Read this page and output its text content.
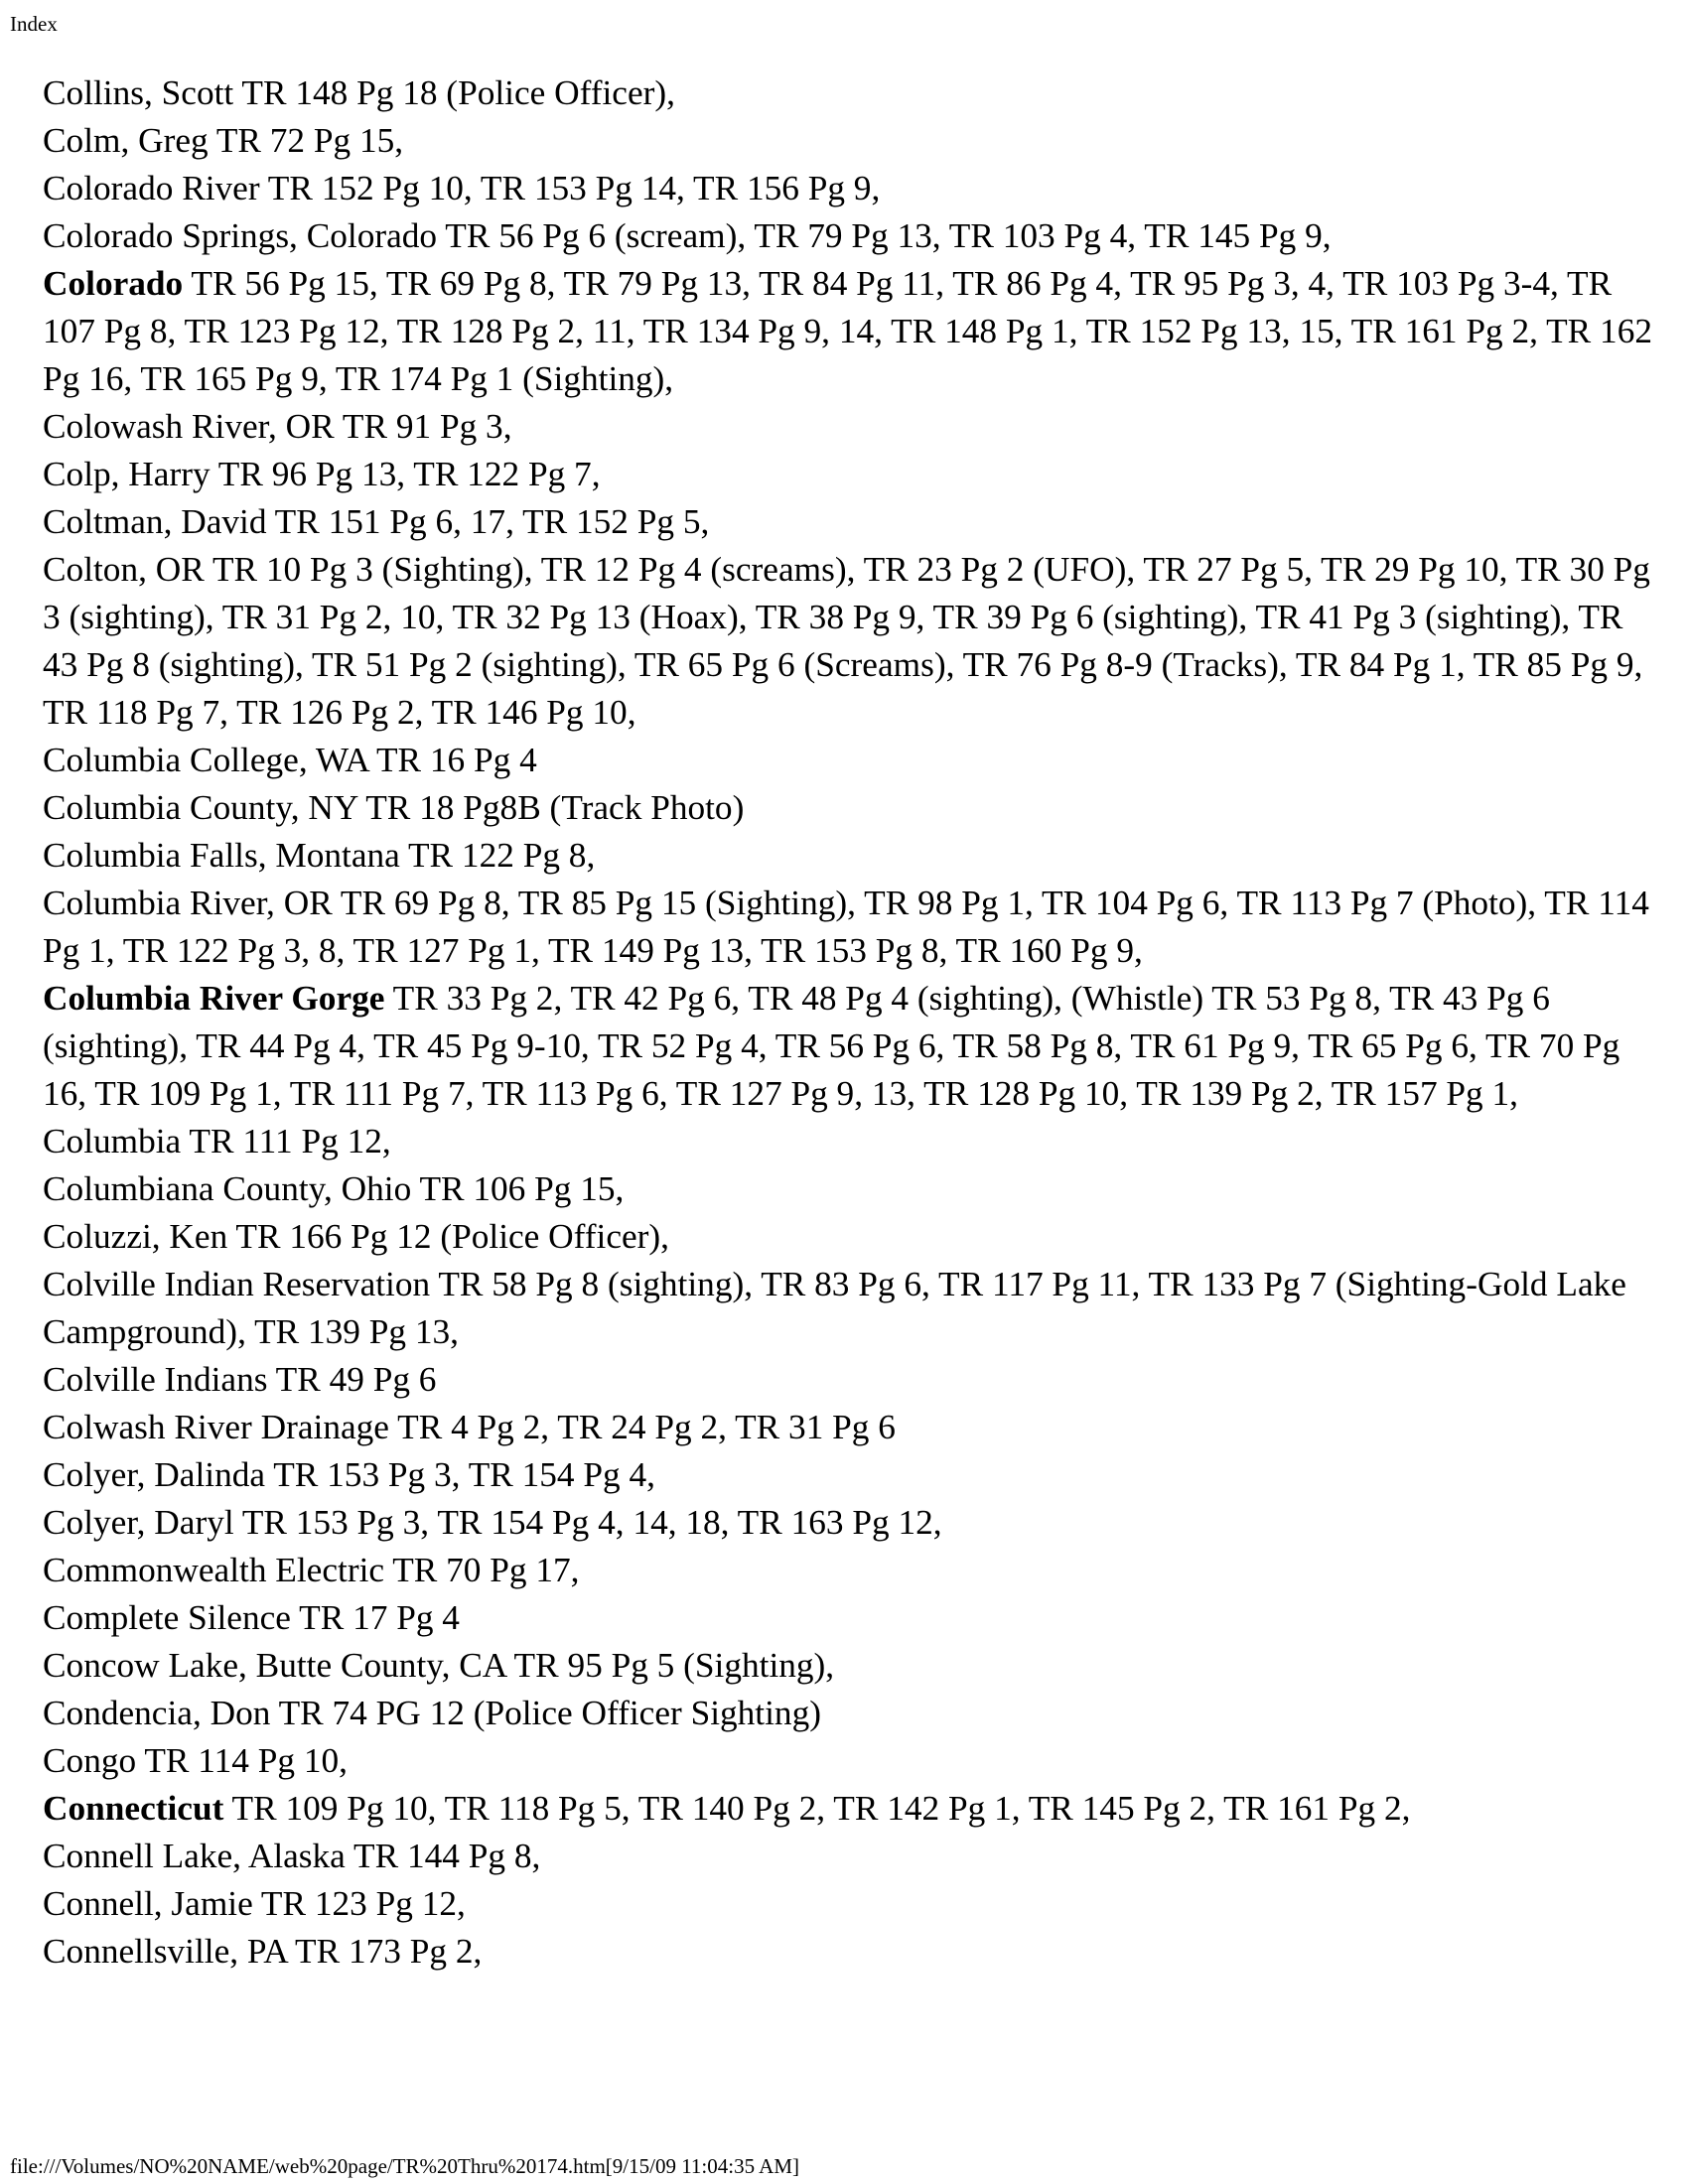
Index

Collins, Scott TR 148 Pg 18 (Police Officer),

Colm, Greg TR 72 Pg 15,

Colorado River TR 152 Pg 10, TR 153 Pg 14, TR 156 Pg 9,

Colorado Springs, Colorado TR 56 Pg 6 (scream), TR 79 Pg 13, TR 103 Pg 4, TR 145 Pg 9,

Colorado TR 56 Pg 15, TR 69 Pg 8, TR 79 Pg 13, TR 84 Pg 11, TR 86 Pg 4, TR 95 Pg 3, 4, TR 103 Pg 3-4, TR 107 Pg 8, TR 123 Pg 12, TR 128 Pg 2, 11, TR 134 Pg 9, 14, TR 148 Pg 1, TR 152 Pg 13, 15, TR 161 Pg 2, TR 162 Pg 16, TR 165 Pg 9, TR 174 Pg 1 (Sighting),

Colowash River, OR TR 91 Pg 3,

Colp, Harry TR 96 Pg 13, TR 122 Pg 7,

Coltman, David TR 151 Pg 6, 17, TR 152 Pg 5,

Colton, OR TR 10 Pg 3 (Sighting), TR 12 Pg 4 (screams), TR 23 Pg 2 (UFO), TR 27 Pg 5, TR 29 Pg 10, TR 30 Pg 3 (sighting), TR 31 Pg 2, 10, TR 32 Pg 13 (Hoax), TR 38 Pg 9, TR 39 Pg 6 (sighting), TR 41 Pg 3 (sighting), TR 43 Pg 8 (sighting), TR 51 Pg 2 (sighting), TR 65 Pg 6 (Screams), TR 76 Pg 8-9 (Tracks), TR 84 Pg 1, TR 85 Pg 9, TR 118 Pg 7, TR 126 Pg 2, TR 146 Pg 10,

Columbia College, WA TR 16 Pg 4

Columbia County, NY TR 18 Pg8B (Track Photo)

Columbia Falls, Montana TR 122 Pg 8,

Columbia River, OR TR 69 Pg 8, TR 85 Pg 15 (Sighting), TR 98 Pg 1, TR 104 Pg 6, TR 113 Pg 7 (Photo), TR 114 Pg 1, TR 122 Pg 3, 8, TR 127 Pg 1, TR 149 Pg 13, TR 153 Pg 8, TR 160 Pg 9,

Columbia River Gorge TR 33 Pg 2, TR 42 Pg 6, TR 48 Pg 4 (sighting), (Whistle) TR 53 Pg 8, TR 43 Pg 6 (sighting), TR 44 Pg 4, TR 45 Pg 9-10, TR 52 Pg 4, TR 56 Pg 6, TR 58 Pg 8, TR 61 Pg 9, TR 65 Pg 6, TR 70 Pg 16, TR 109 Pg 1, TR 111 Pg 7, TR 113 Pg 6, TR 127 Pg 9, 13, TR 128 Pg 10, TR 139 Pg 2, TR 157 Pg 1,

Columbia TR 111 Pg 12,

Columbiana County, Ohio TR 106 Pg 15,

Coluzzi, Ken TR 166 Pg 12 (Police Officer),

Colville Indian Reservation TR 58 Pg 8 (sighting), TR 83 Pg 6, TR 117 Pg 11, TR 133 Pg 7 (Sighting-Gold Lake Campground), TR 139 Pg 13,

Colville Indians TR 49 Pg 6

Colwash River Drainage TR 4 Pg 2, TR 24 Pg 2, TR 31 Pg 6

Colyer, Dalinda TR 153 Pg 3, TR 154 Pg 4,

Colyer, Daryl TR 153 Pg 3, TR 154 Pg 4, 14, 18, TR 163 Pg 12,

Commonwealth Electric TR 70 Pg 17,

Complete Silence TR 17 Pg 4

Concow Lake, Butte County, CA TR 95 Pg 5 (Sighting),

Condencia, Don TR 74 PG 12 (Police Officer Sighting)

Congo TR 114 Pg 10,

Connecticut TR 109 Pg 10, TR 118 Pg 5, TR 140 Pg 2, TR 142 Pg 1, TR 145 Pg 2, TR 161 Pg 2,

Connell Lake, Alaska TR 144 Pg 8,

Connell, Jamie TR 123 Pg 12,

Connellsville, PA TR 173 Pg 2,

file:///Volumes/NO%20NAME/web%20page/TR%20Thru%20174.htm[9/15/09 11:04:35 AM]
